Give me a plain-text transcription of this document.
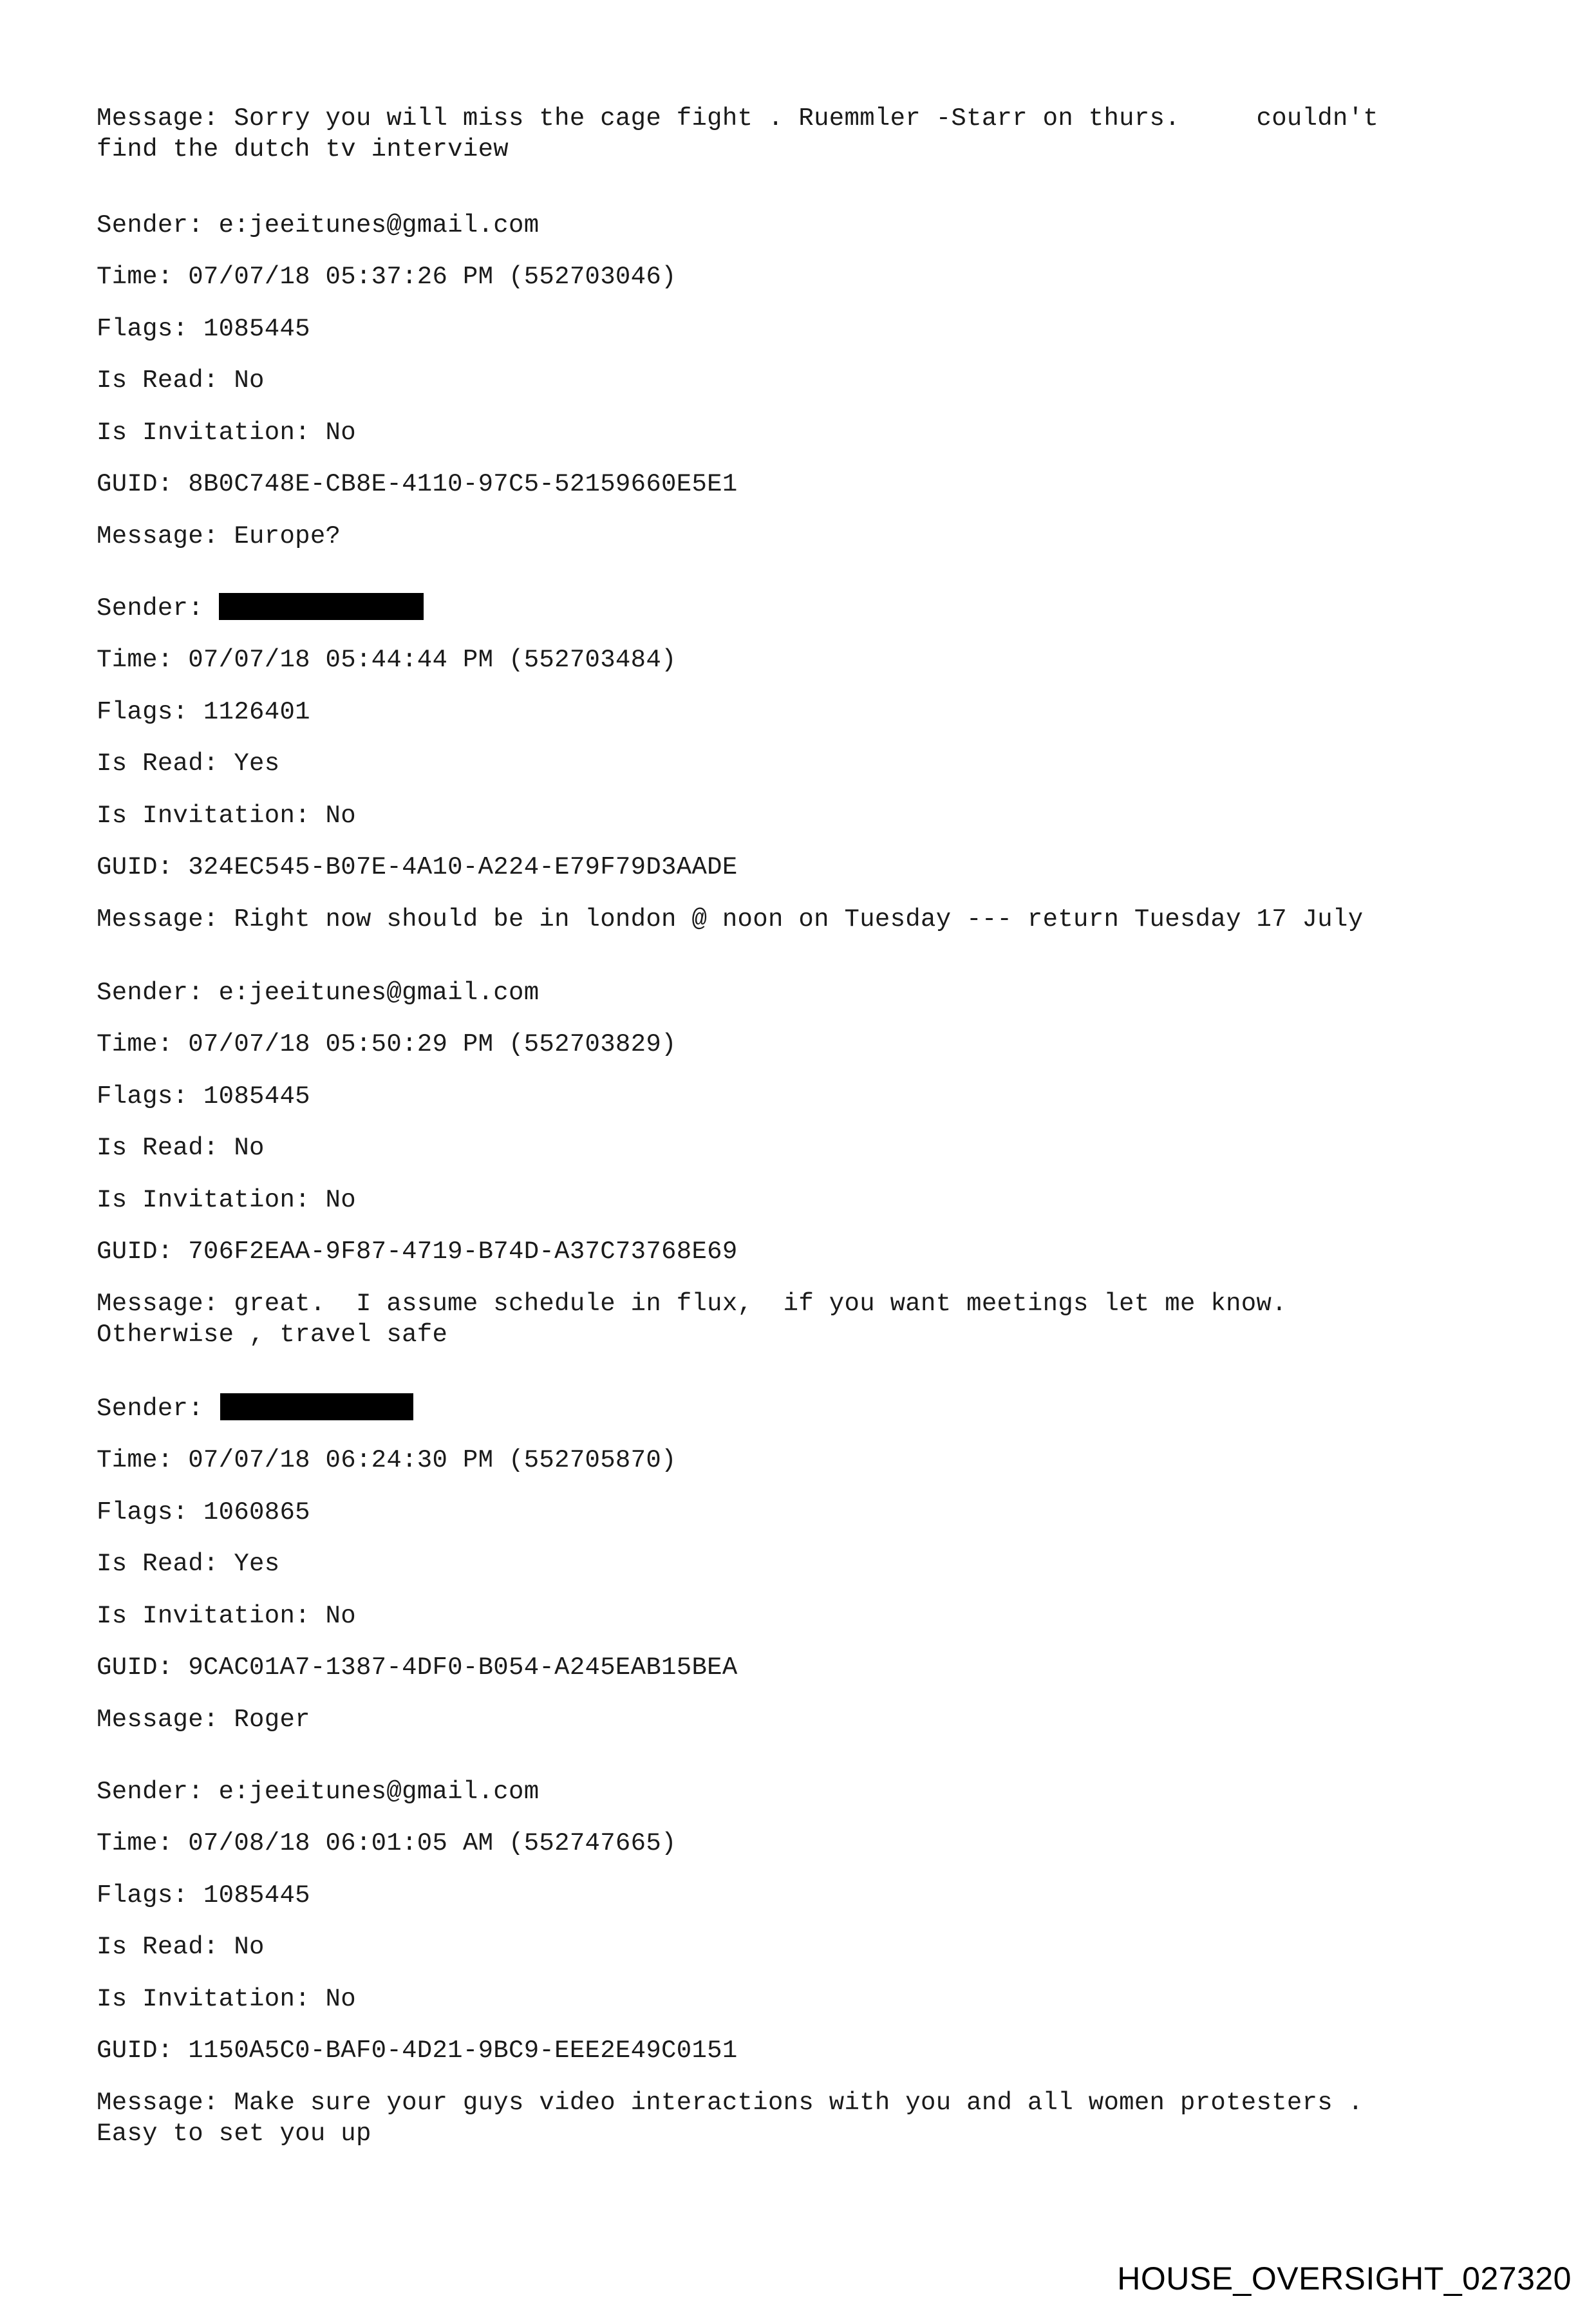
Message: Sorry you will miss the cage fight . Ruemmler -Starr on thurs.     couldn't
find the dutch tv interview
Sender: e:jeeitunes@gmail.com
Time: 07/07/18 05:37:26 PM (552703046)
Flags: 1085445
Is Read: No
Is Invitation: No
GUID: 8B0C748E-CB8E-4110-97C5-52159660E5E1
Message: Europe?
Sender:
Time: 07/07/18 05:44:44 PM (552703484)
Flags: 1126401
Is Read: Yes
Is Invitation: No
GUID: 324EC545-B07E-4A10-A224-E79F79D3AADE
Message: Right now should be in london @ noon on Tuesday --- return Tuesday 17 July
Sender: e:jeeitunes@gmail.com
Time: 07/07/18 05:50:29 PM (552703829)
Flags: 1085445
Is Read: No
Is Invitation: No
GUID: 706F2EAA-9F87-4719-B74D-A37C73768E69
Message: great.  I assume schedule in flux,  if you want meetings let me know.
Otherwise , travel safe
Sender:
Time: 07/07/18 06:24:30 PM (552705870)
Flags: 1060865
Is Read: Yes
Is Invitation: No
GUID: 9CAC01A7-1387-4DF0-B054-A245EAB15BEA
Message: Roger
Sender: e:jeeitunes@gmail.com
Time: 07/08/18 06:01:05 AM (552747665)
Flags: 1085445
Is Read: No
Is Invitation: No
GUID: 1150A5C0-BAF0-4D21-9BC9-EEE2E49C0151
Message: Make sure your guys video interactions with you and all women protesters .
Easy to set you up
HOUSE_OVERSIGHT_027320
